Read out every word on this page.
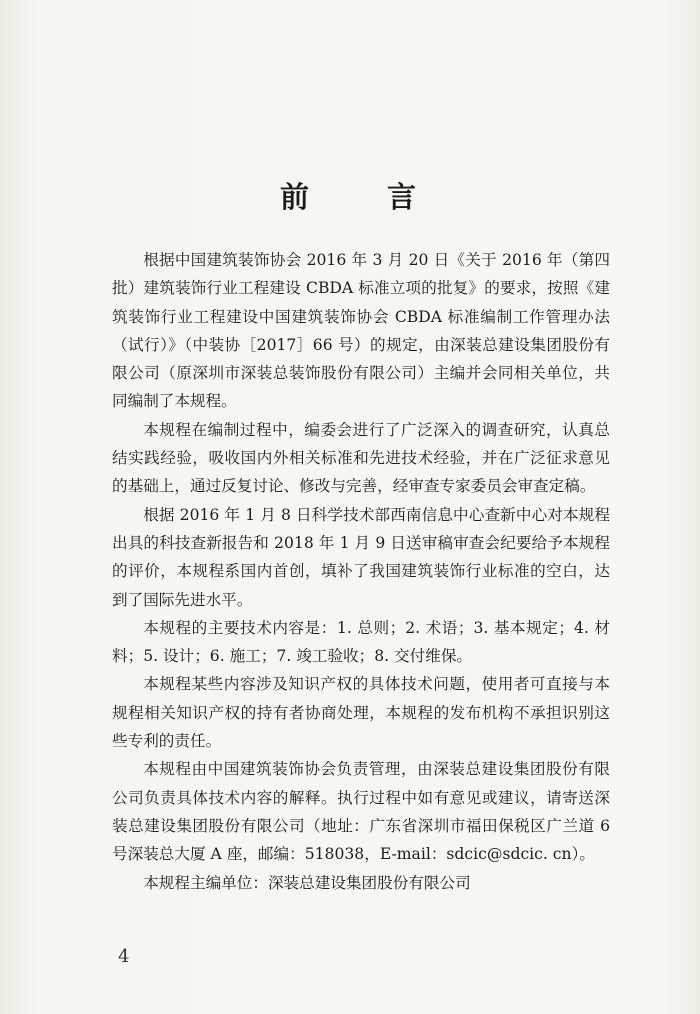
前 言

根据中国建筑装饰协会 2016 年 3 月 20 日《关于 2016 年（第四批）建筑装饰行业工程建设 CBDA 标准立项的批复》的要求，按照《建筑装饰行业工程建设中国建筑装饰协会 CBDA 标准编制工作管理办法（试行）》（中装协［2017］66 号）的规定，由深装总建设集团股份有限公司（原深圳市深装总装饰股份有限公司）主编并会同相关单位，共同编制了本规程。

本规程在编制过程中，编委会进行了广泛深入的调查研究，认真总结实践经验，吸收国内外相关标准和先进技术经验，并在广泛征求意见的基础上，通过反复讨论、修改与完善，经审查专家委员会审查定稿。

根据 2016 年 1 月 8 日科学技术部西南信息中心查新中心对本规程出具的科技查新报告和 2018 年 1 月 9 日送审稿审查会纪要给予本规程的评价，本规程系国内首创，填补了我国建筑装饰行业标准的空白，达到了国际先进水平。

本规程的主要技术内容是：1. 总则；2. 术语；3. 基本规定；4. 材料；5. 设计；6. 施工；7. 竣工验收；8. 交付维保。

本规程某些内容涉及知识产权的具体技术问题，使用者可直接与本规程相关知识产权的持有者协商处理，本规程的发布机构不承担识别这些专利的责任。

本规程由中国建筑装饰协会负责管理，由深装总建设集团股份有限公司负责具体技术内容的解释。执行过程中如有意见或建议，请寄送深装总建设集团股份有限公司（地址：广东省深圳市福田保税区广兰道 6 号深装总大厦 A 座，邮编：518038，E-mail：sdcic@sdcic. cn）。

本规程主编单位：深装总建设集团股份有限公司

4
